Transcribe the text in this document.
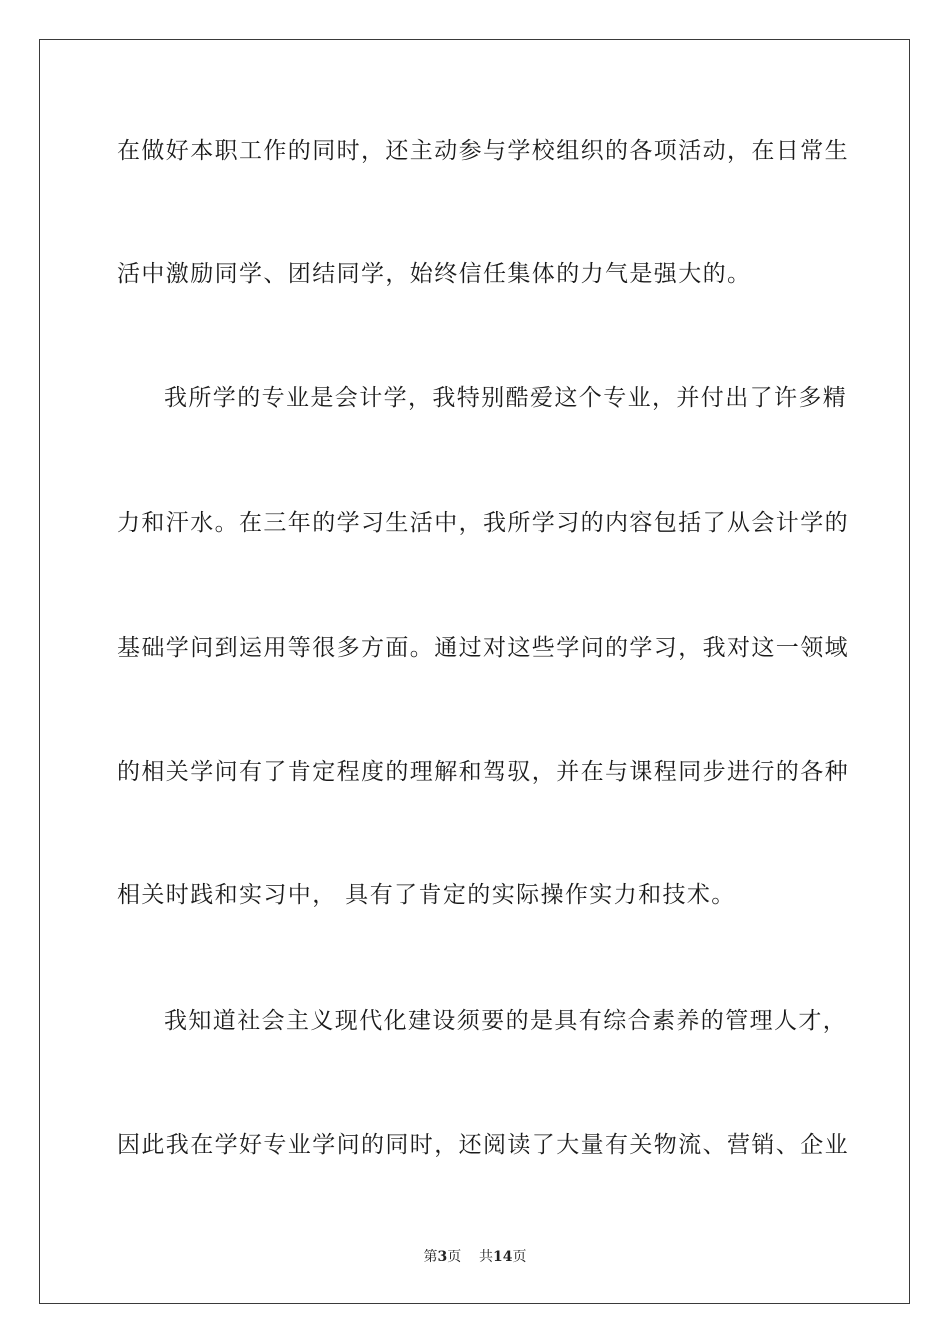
在做好本职工作的同时，还主动参与学校组织的各项活动，在日常生
活中激励同学、团结同学，始终信任集体的力气是强大的。
我所学的专业是会计学，我特别酷爱这个专业，并付出了许多精
力和汗水。在三年的学习生活中，我所学习的内容包括了从会计学的
基础学问到运用等很多方面。通过对这些学问的学习，我对这一领域
的相关学问有了肯定程度的理解和驾驭，并在与课程同步进行的各种
相关时践和实习中， 具有了肯定的实际操作实力和技术。
我知道社会主义现代化建设须要的是具有综合素养的管理人才，
因此我在学好专业学问的同时，还阅读了大量有关物流、营销、企业
第3页 共14页
